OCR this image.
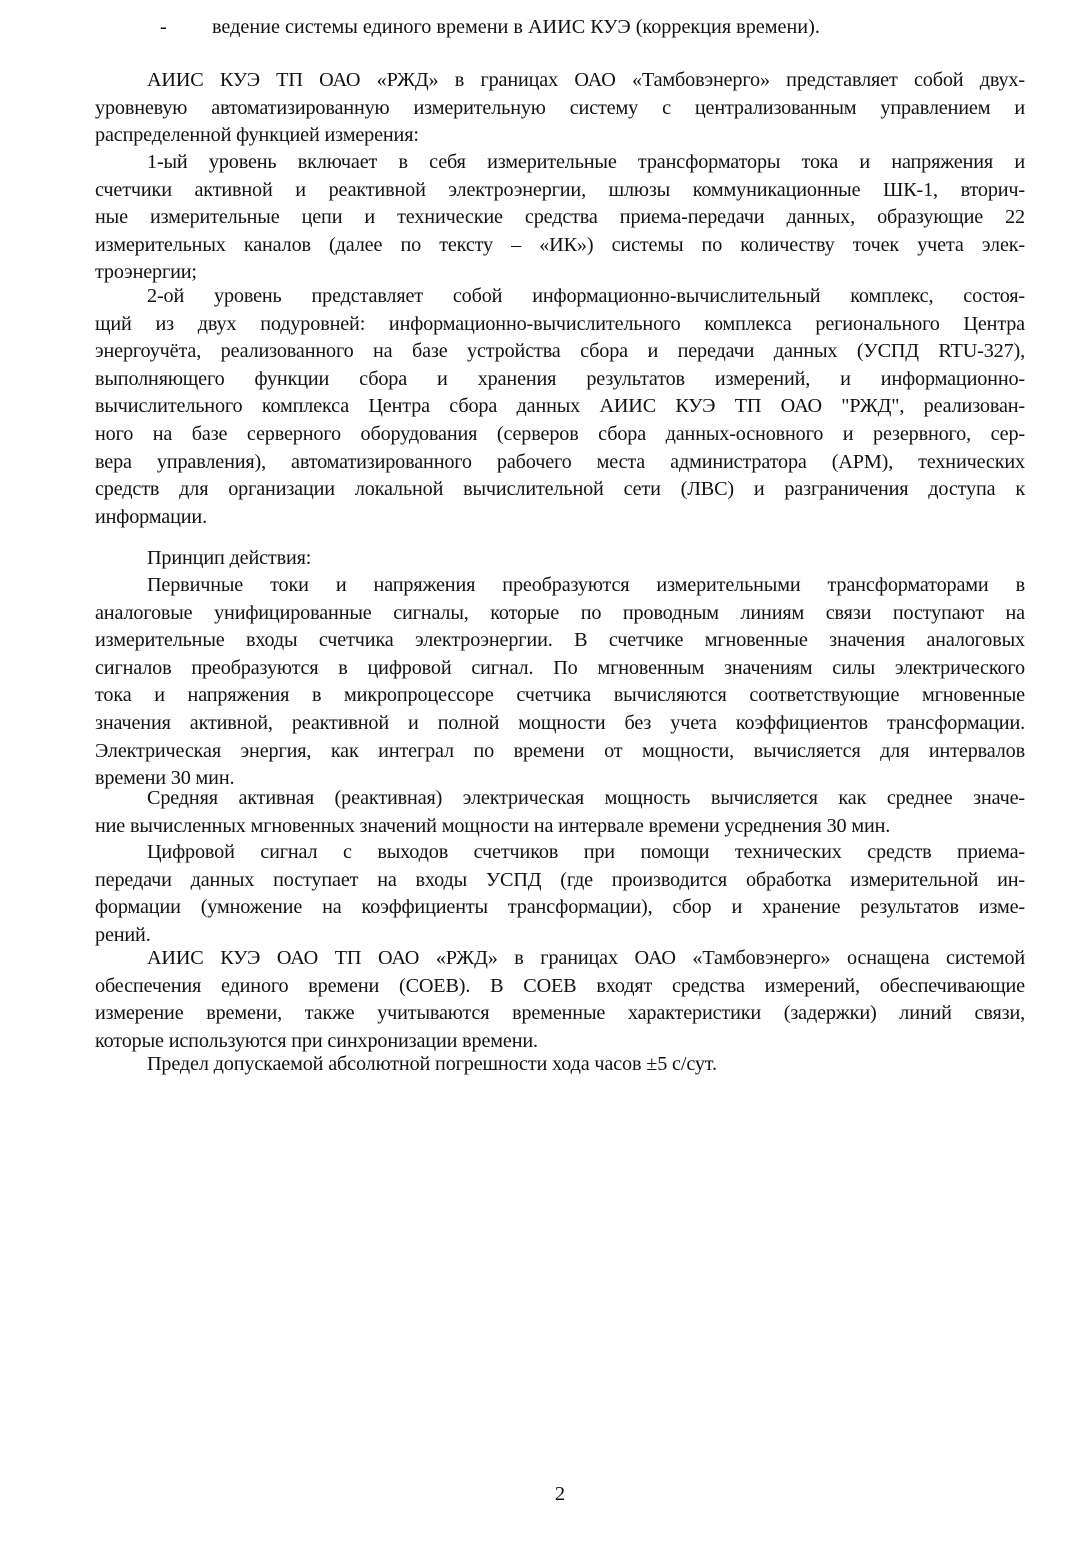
- ведение системы единого времени в АИИС КУЭ (коррекция времени).
АИИС КУЭ ТП ОАО «РЖД» в границах ОАО «Тамбовэнерго» представляет собой двух-
уровневую автоматизированную измерительную систему с централизованным управлением и
распределенной функцией измерения:
1-ый уровень включает в себя измерительные трансформаторы тока и напряжения и
счетчики активной и реактивной электроэнергии, шлюзы коммуникационные ШК-1, вторич-
ные измерительные цепи и технические средства приема-передачи данных, образующие 22
измерительных каналов (далее по тексту – «ИК») системы по количеству точек учета элек-
троэнергии;
2-ой уровень представляет собой информационно-вычислительный комплекс, состоя-
щий из двух подуровней: информационно-вычислительного комплекса регионального Центра
энергоучёта, реализованного на базе устройства сбора и передачи данных (УСПД RTU-327),
выполняющего функции сбора и хранения результатов измерений, и информационно-
вычислительного комплекса Центра сбора данных АИИС КУЭ ТП ОАО "РЖД", реализован-
ного на базе серверного оборудования (серверов сбора данных-основного и резервного, сер-
вера управления), автоматизированного рабочего места администратора (АРМ), технических
средств для организации локальной вычислительной сети (ЛВС) и разграничения доступа к
информации.
Принцип действия:
Первичные токи и напряжения преобразуются измерительными трансформаторами в
аналоговые унифицированные сигналы, которые по проводным линиям связи поступают на
измерительные входы счетчика электроэнергии. В счетчике мгновенные значения аналоговых
сигналов преобразуются в цифровой сигнал. По мгновенным значениям силы электрического
тока и напряжения в микропроцессоре счетчика вычисляются соответствующие мгновенные
значения активной, реактивной и полной мощности без учета коэффициентов трансформации.
Электрическая энергия, как интеграл по времени от мощности, вычисляется для интервалов
времени 30 мин.
Средняя активная (реактивная) электрическая мощность вычисляется как среднее значе-
ние вычисленных мгновенных значений мощности на интервале времени усреднения 30 мин.
Цифровой сигнал с выходов счетчиков при помощи технических средств приема-
передачи данных поступает на входы УСПД (где производится обработка измерительной ин-
формации (умножение на коэффициенты трансформации), сбор и хранение результатов изме-
рений.
АИИС КУЭ ОАО ТП ОАО «РЖД» в границах ОАО «Тамбовэнерго» оснащена системой
обеспечения единого времени (СОЕВ). В СОЕВ входят средства измерений, обеспечивающие
измерение времени, также учитываются временные характеристики (задержки) линий связи,
которые используются при синхронизации времени.
Предел допускаемой абсолютной погрешности хода часов ±5 с/сут.
2
